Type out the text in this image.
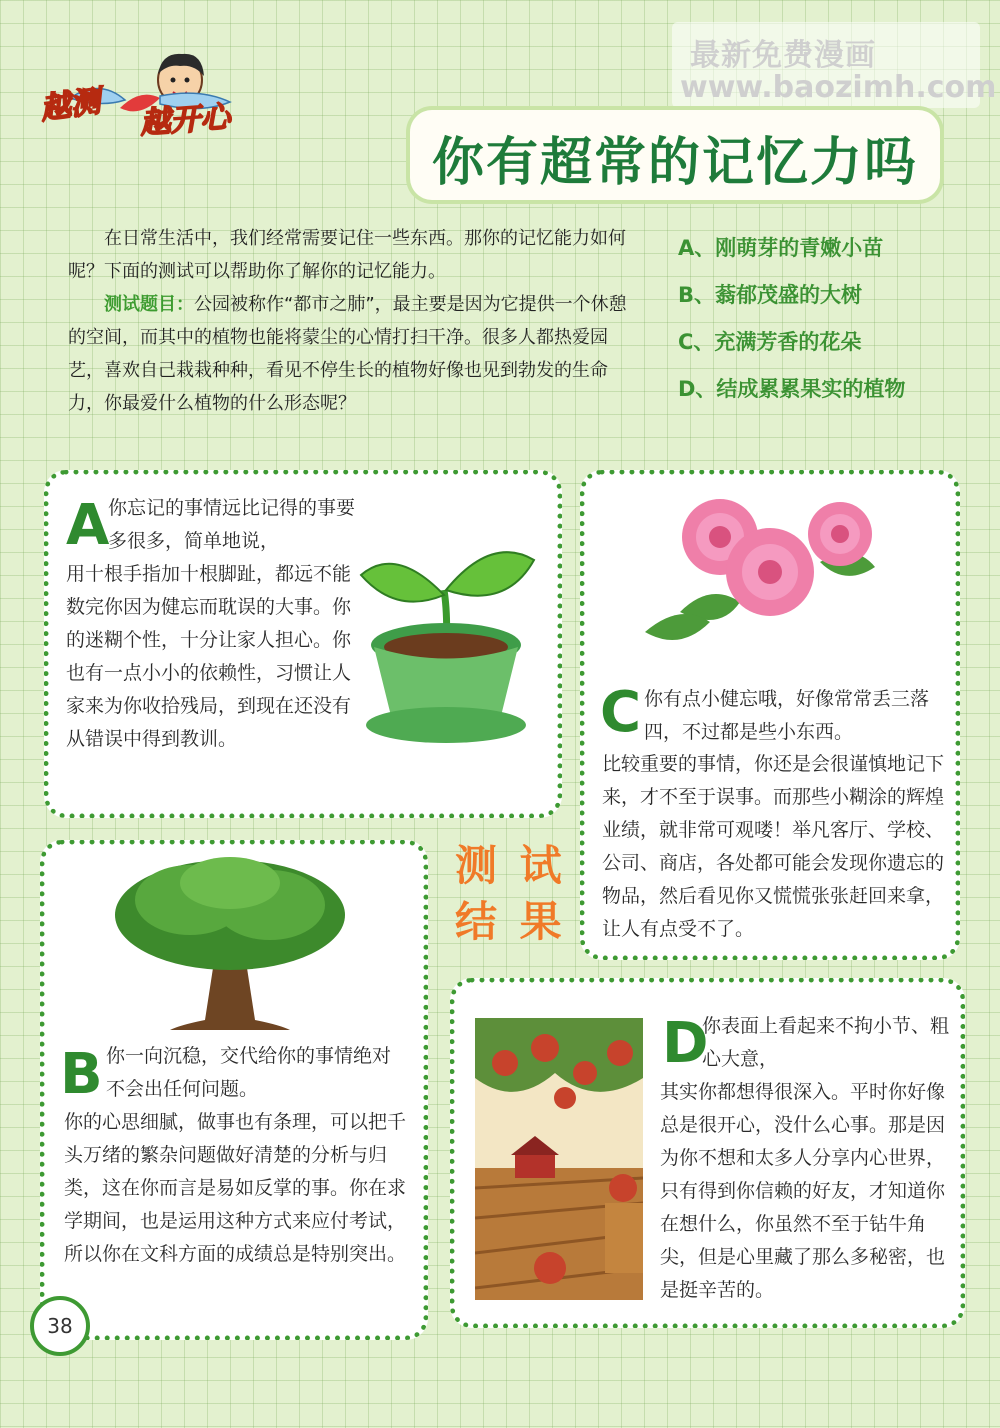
越测 越开心
最新免费漫画
www.baozimh.com
你有超常的记忆力吗

在日常生活中，我们经常需要记住一些东西。那你的记忆能力如何呢？下面的测试可以帮助你了解你的记忆能力。

测试题目：公园被称作“都市之肺”，最主要是因为它提供一个休憩的空间，而其中的植物也能将蒙尘的心情打扫干净。很多人都热爱园艺，喜欢自己栽栽种种，看见不停生长的植物好像也见到勃发的生命力，你最爱什么植物的什么形态呢？

A、刚萌芽的青嫩小苗
B、蓊郁茂盛的大树
C、充满芳香的花朵
D、结成累累果实的植物
A
你忘记的事情远比记得的事要多很多，简单地说，
用十根手指加十根脚趾，都远不能数完你因为健忘而耽误的大事。你的迷糊个性，十分让家人担心。你也有一点小小的依赖性，习惯让人家来为你收拾残局，到现在还没有从错误中得到教训。	C 你有点小健忘哦，好像常常丢三落四，不过都是些小东西。
比较重要的事情，你还是会很谨慎地记下来，才不至于误事。而那些小糊涂的辉煌业绩，就非常可观喽！举凡客厅、学校、公司、商店，各处都可能会发现你遗忘的物品，然后看见你又慌慌张张赶回来拿，让人有点受不了。
测 试
结 果
B 你一向沉稳，交代给你的事情绝对不会出任何问题。
你的心思细腻，做事也有条理，可以把千头万绪的繁杂问题做好清楚的分析与归类，这在你而言是易如反掌的事。你在求学期间，也是运用这种方式来应付考试，所以你在文科方面的成绩总是特别突出。
D
你表面上看起来不拘小节、粗心大意，
其实你都想得很深入。平时你好像总是很开心，没什么心事。那是因为你不想和太多人分享内心世界，只有得到你信赖的好友，才知道你在想什么，你虽然不至于钻牛角尖，但是心里藏了那么多秘密，也是挺辛苦的。
38
